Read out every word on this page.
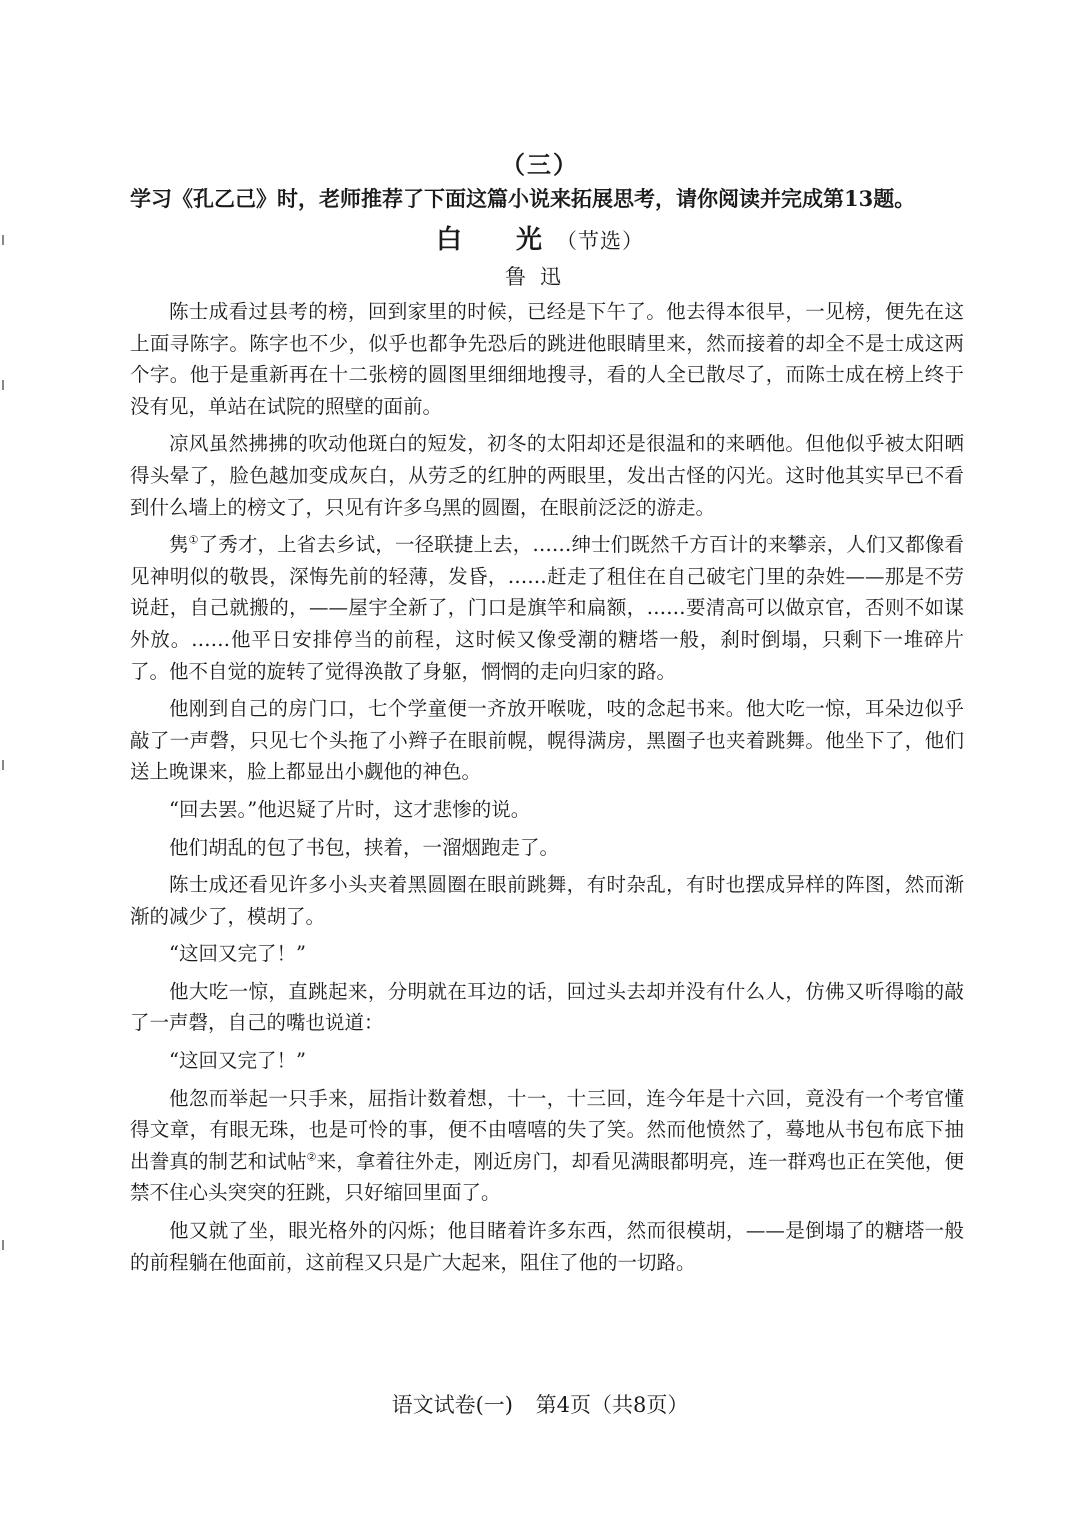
（三）
学习《孔乙己》时，老师推荐了下面这篇小说来拓展思考，请你阅读并完成第13题。
白　光（节选）
鲁迅

陈士成看过县考的榜，回到家里的时候，已经是下午了。他去得本很早，一见榜，便先在这上面寻陈字。陈字也不少，似乎也都争先恐后的跳进他眼睛里来，然而接着的却全不是士成这两个字。他于是重新再在十二张榜的圆图里细细地搜寻，看的人全已散尽了，而陈士成在榜上终于没有见，单站在试院的照壁的面前。

凉风虽然拂拂的吹动他斑白的短发，初冬的太阳却还是很温和的来晒他。但他似乎被太阳晒得头晕了，脸色越加变成灰白，从劳乏的红肿的两眼里，发出古怪的闪光。这时他其实早已不看到什么墙上的榜文了，只见有许多乌黑的圆圈，在眼前泛泛的游走。

隽①了秀才，上省去乡试，一径联捷上去，……绅士们既然千方百计的来攀亲，人们又都像看见神明似的敬畏，深悔先前的轻薄，发昏，……赶走了租住在自己破宅门里的杂姓——那是不劳说赶，自己就搬的，——屋宇全新了，门口是旗竿和扁额，……要清高可以做京官，否则不如谋外放。……他平日安排停当的前程，这时候又像受潮的糖塔一般，刹时倒塌，只剩下一堆碎片了。他不自觉的旋转了觉得涣散了身躯，惘惘的走向归家的路。

他刚到自己的房门口，七个学童便一齐放开喉咙，吱的念起书来。他大吃一惊，耳朵边似乎敲了一声磬，只见七个头拖了小辫子在眼前幌，幌得满房，黑圈子也夹着跳舞。他坐下了，他们送上晚课来，脸上都显出小觑他的神色。

“回去罢。”他迟疑了片时，这才悲惨的说。

他们胡乱的包了书包，挟着，一溜烟跑走了。

陈士成还看见许多小头夹着黑圆圈在眼前跳舞，有时杂乱，有时也摆成异样的阵图，然而渐渐的减少了，模胡了。

“这回又完了！”

他大吃一惊，直跳起来，分明就在耳边的话，回过头去却并没有什么人，仿佛又听得嗡的敲了一声磬，自己的嘴也说道：

“这回又完了！”

他忽而举起一只手来，屈指计数着想，十一，十三回，连今年是十六回，竟没有一个考官懂得文章，有眼无珠，也是可怜的事，便不由嘻嘻的失了笑。然而他愤然了，蓦地从书包布底下抽出誊真的制艺和试帖②来，拿着往外走，刚近房门，却看见满眼都明亮，连一群鸡也正在笑他，便禁不住心头突突的狂跳，只好缩回里面了。

他又就了坐，眼光格外的闪烁；他目睹着许多东西，然而很模胡，——是倒塌了的糖塔一般的前程躺在他面前，这前程又只是广大起来，阻住了他的一切路。

语文试卷(一) 第4页（共8页）
